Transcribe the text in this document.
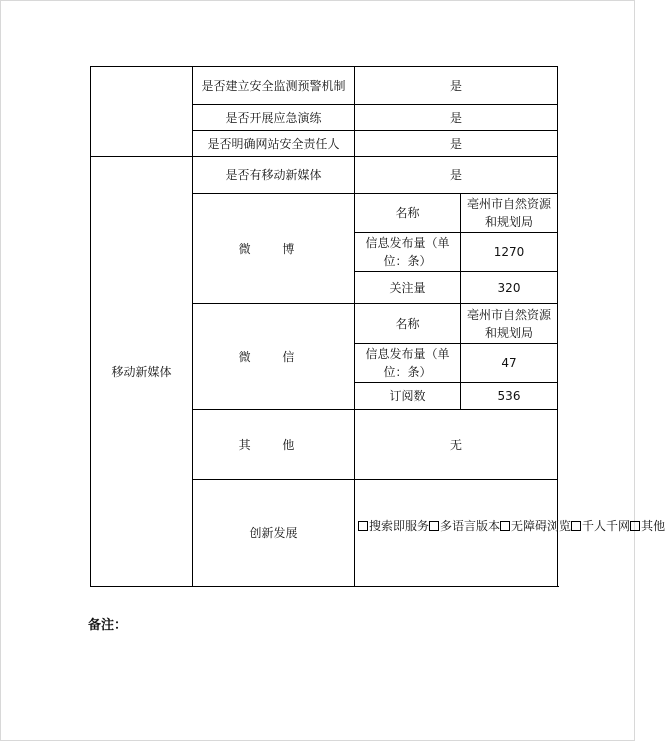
	是否建立安全监测预警机制	是	
	是否开展应急演练	是	
	是否明确网站安全责任人	是	
移动新媒体	是否有移动新媒体	是	
	微 博	名称	亳州市自然资源和规划局
		信息发布量（单位：条）	1270
		关注量	320
	微 信	名称	亳州市自然资源和规划局
		信息发布量（单位：条）	47
		订阅数	536
	其 他	无	
	创新发展	搜索即服务 多语言版本 无障碍浏览 千人千网 其他	
备注：
